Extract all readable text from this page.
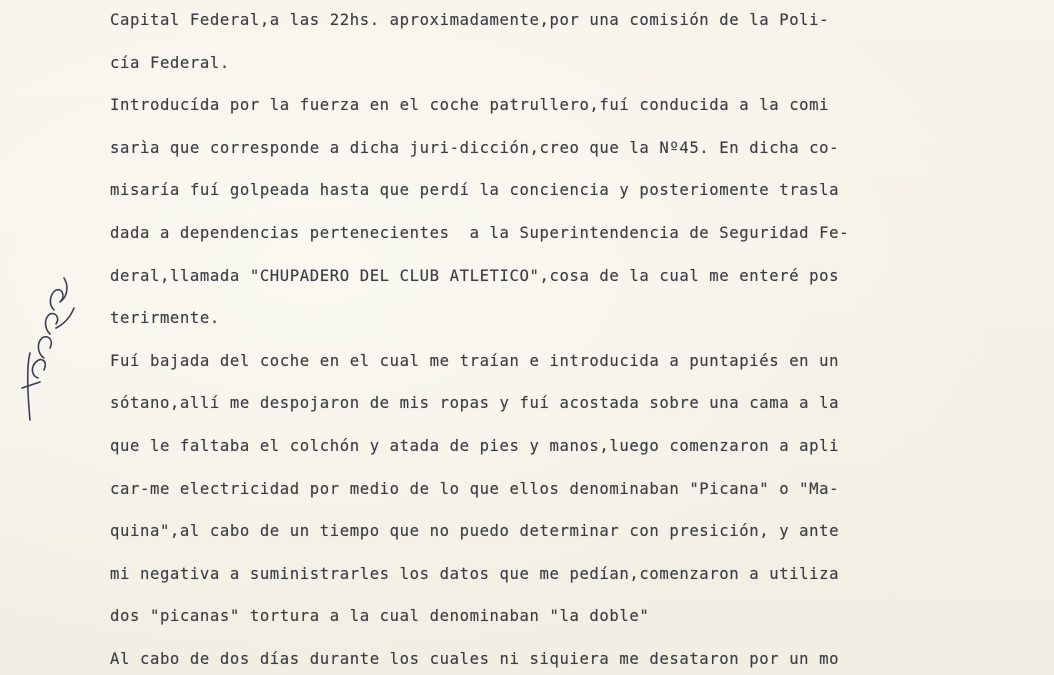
Capital Federal,a las 22hs. aproximadamente,por una comisión de la Poli-
cía Federal.
Introducída por la fuerza en el coche patrullero,fuí conducida a la comi
sarìa que corresponde a dicha juri-dicción,creo que la Nº45. En dicha co-
misaría fuí golpeada hasta que perdí la conciencia y posteriomente trasla
dada a dependencias pertenecientes  a la Superintendencia de Seguridad Fe-
deral,llamada "CHUPADERO DEL CLUB ATLETICO",cosa de la cual me enteré pos
terirmente.
Fuí bajada del coche en el cual me traían e introducida a puntapiés en un
sótano,allí me despojaron de mis ropas y fuí acostada sobre una cama a la
que le faltaba el colchón y atada de pies y manos,luego comenzaron a apli
car-me electricidad por medio de lo que ellos denominaban "Picana" o "Ma-
quina",al cabo de un tiempo que no puedo determinar con presición, y ante
mi negativa a suministrarles los datos que me pedían,comenzaron a utiliza
dos "picanas" tortura a la cual denominaban "la doble"
Al cabo de dos días durante los cuales ni siquiera me desataron por un mo
